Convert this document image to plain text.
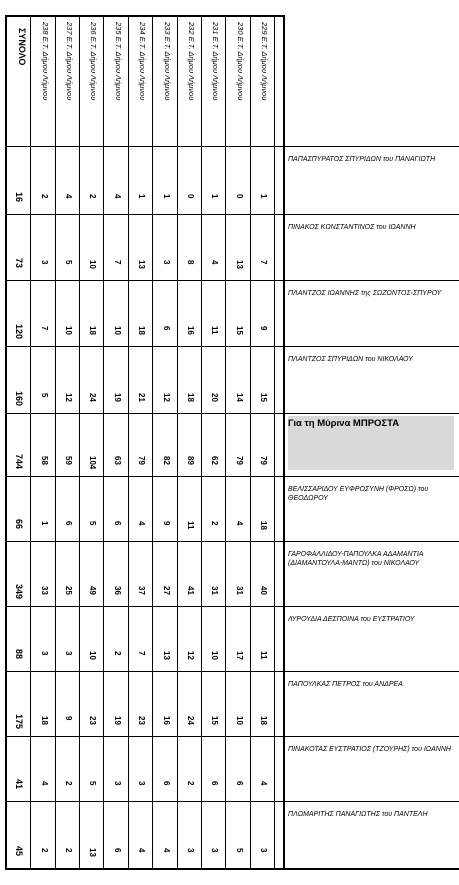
229 Ε.Τ. Δήμου Λήμνου
230 Ε.Τ. Δήμου Λήμνου
231 Ε.Τ. Δήμου Λήμνου
232 Ε.Τ. Δήμου Λήμνου
233 Ε.Τ. Δήμου Λήμνου
234 Ε.Τ. Δήμου Λήμνου
235 Ε.Τ. Δήμου Λήμνου
236 Ε.Τ. Δήμου Λήμνου
237 Ε.Τ. Δήμου Λήμνου
238 Ε.Τ. Δήμου Λήμνου
ΣΥΝΟΛΟ
ΠΑΠΑΣΠΥΡΑΤΟΣ ΣΠΥΡΙΔΩΝ του ΠΑΝΑΓΙΩΤΗ
1
0
1
0
1
1
4
2
4
2
16
ΠΙΝΑΚΟΣ ΚΩΝΣΤΑΝΤΙΝΟΣ του ΙΩΑΝΝΗ
7
13
4
8
3
13
7
10
5
3
73
ΠΛΑΝΤΖΟΣ ΙΩΑΝΝΗΣ της ΣΩΖΩΝΤΟΣ-ΣΠΥΡΟΥ
9
15
11
16
6
18
10
18
10
7
120
ΠΛΑΝΤΖΟΣ ΣΠΥΡΙΔΩΝ του ΝΙΚΟΛΑΟΥ
15
14
20
18
12
21
19
24
12
5
160
Για τη Μύρινα ΜΠΡΟΣΤΑ
79
79
62
89
82
79
63
104
59
58
744
ΒΕΛΙΣΣΑΡΙΔΟΥ ΕΥΦΡΟΣΥΝΗ (ΦΡΟΣΩ) του ΘΕΟΔΩΡΟΥ
18
4
2
11
9
4
6
5
6
1
66
ΓΑΡΟΦΑΛΛΙΔΟΥ-ΠΑΠΟΥΛΚΑ ΑΔΑΜΑΝΤΙΑ (ΔΙΑΜΑΝΤΟΥΛΑ-ΜΑΝΤΩ) του ΝΙΚΟΛΑΟΥ
40
31
31
41
27
37
36
49
25
33
349
ΛΥΡΟΥΔΙΑ ΔΕΣΠΟΙΝΑ του ΕΥΣΤΡΑΤΙΟΥ
11
17
10
12
13
7
2
10
3
3
88
ΠΑΠΟΥΛΚΑΣ ΠΕΤΡΟΣ του ΑΝΔΡΕΑ
18
10
15
24
16
23
19
23
9
18
175
ΠΙΝΑΚΟΤΑΣ ΕΥΣΤΡΑΤΙΟΣ (ΤΖΟΥΡΗΣ) του ΙΩΑΝΝΗ
4
6
6
2
6
3
3
5
2
4
41
ΠΛΩΜΑΡΙΤΗΣ ΠΑΝΑΓΙΩΤΗΣ του ΠΑΝΤΕΛΗ
3
5
3
3
4
4
6
13
2
2
45
